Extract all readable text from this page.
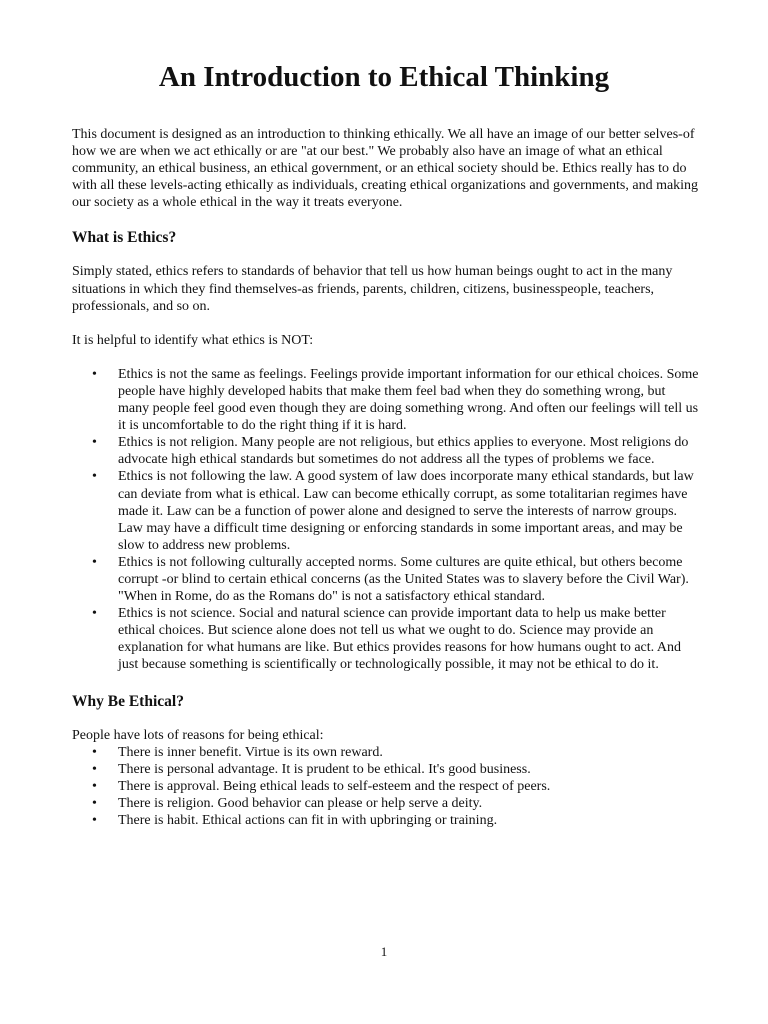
An Introduction to Ethical Thinking

This document is designed as an introduction to thinking ethically. We all have an image of our better selves-of how we are when we act ethically or are "at our best." We probably also have an image of what an ethical community, an ethical business, an ethical government, or an ethical society should be. Ethics really has to do with all these levels-acting ethically as individuals, creating ethical organizations and governments, and making our society as a whole ethical in the way it treats everyone.

What is Ethics?

Simply stated, ethics refers to standards of behavior that tell us how human beings ought to act in the many situations in which they find themselves-as friends, parents, children, citizens, businesspeople, teachers, professionals, and so on.

It is helpful to identify what ethics is NOT:

• Ethics is not the same as feelings. Feelings provide important information for our ethical choices. Some people have highly developed habits that make them feel bad when they do something wrong, but many people feel good even though they are doing something wrong. And often our feelings will tell us it is uncomfortable to do the right thing if it is hard.
• Ethics is not religion. Many people are not religious, but ethics applies to everyone. Most religions do advocate high ethical standards but sometimes do not address all the types of problems we face.
• Ethics is not following the law. A good system of law does incorporate many ethical standards, but law can deviate from what is ethical. Law can become ethically corrupt, as some totalitarian regimes have made it. Law can be a function of power alone and designed to serve the interests of narrow groups. Law may have a difficult time designing or enforcing standards in some important areas, and may be slow to address new problems.
• Ethics is not following culturally accepted norms. Some cultures are quite ethical, but others become corrupt -or blind to certain ethical concerns (as the United States was to slavery before the Civil War). "When in Rome, do as the Romans do" is not a satisfactory ethical standard.
• Ethics is not science. Social and natural science can provide important data to help us make better ethical choices. But science alone does not tell us what we ought to do. Science may provide an explanation for what humans are like. But ethics provides reasons for how humans ought to act. And just because something is scientifically or technologically possible, it may not be ethical to do it.
Why Be Ethical?

People have lots of reasons for being ethical:

• There is inner benefit. Virtue is its own reward.
• There is personal advantage. It is prudent to be ethical. It's good business.
• There is approval. Being ethical leads to self-esteem and the respect of peers.
• There is religion. Good behavior can please or help serve a deity.
• There is habit. Ethical actions can fit in with upbringing or training.
1
